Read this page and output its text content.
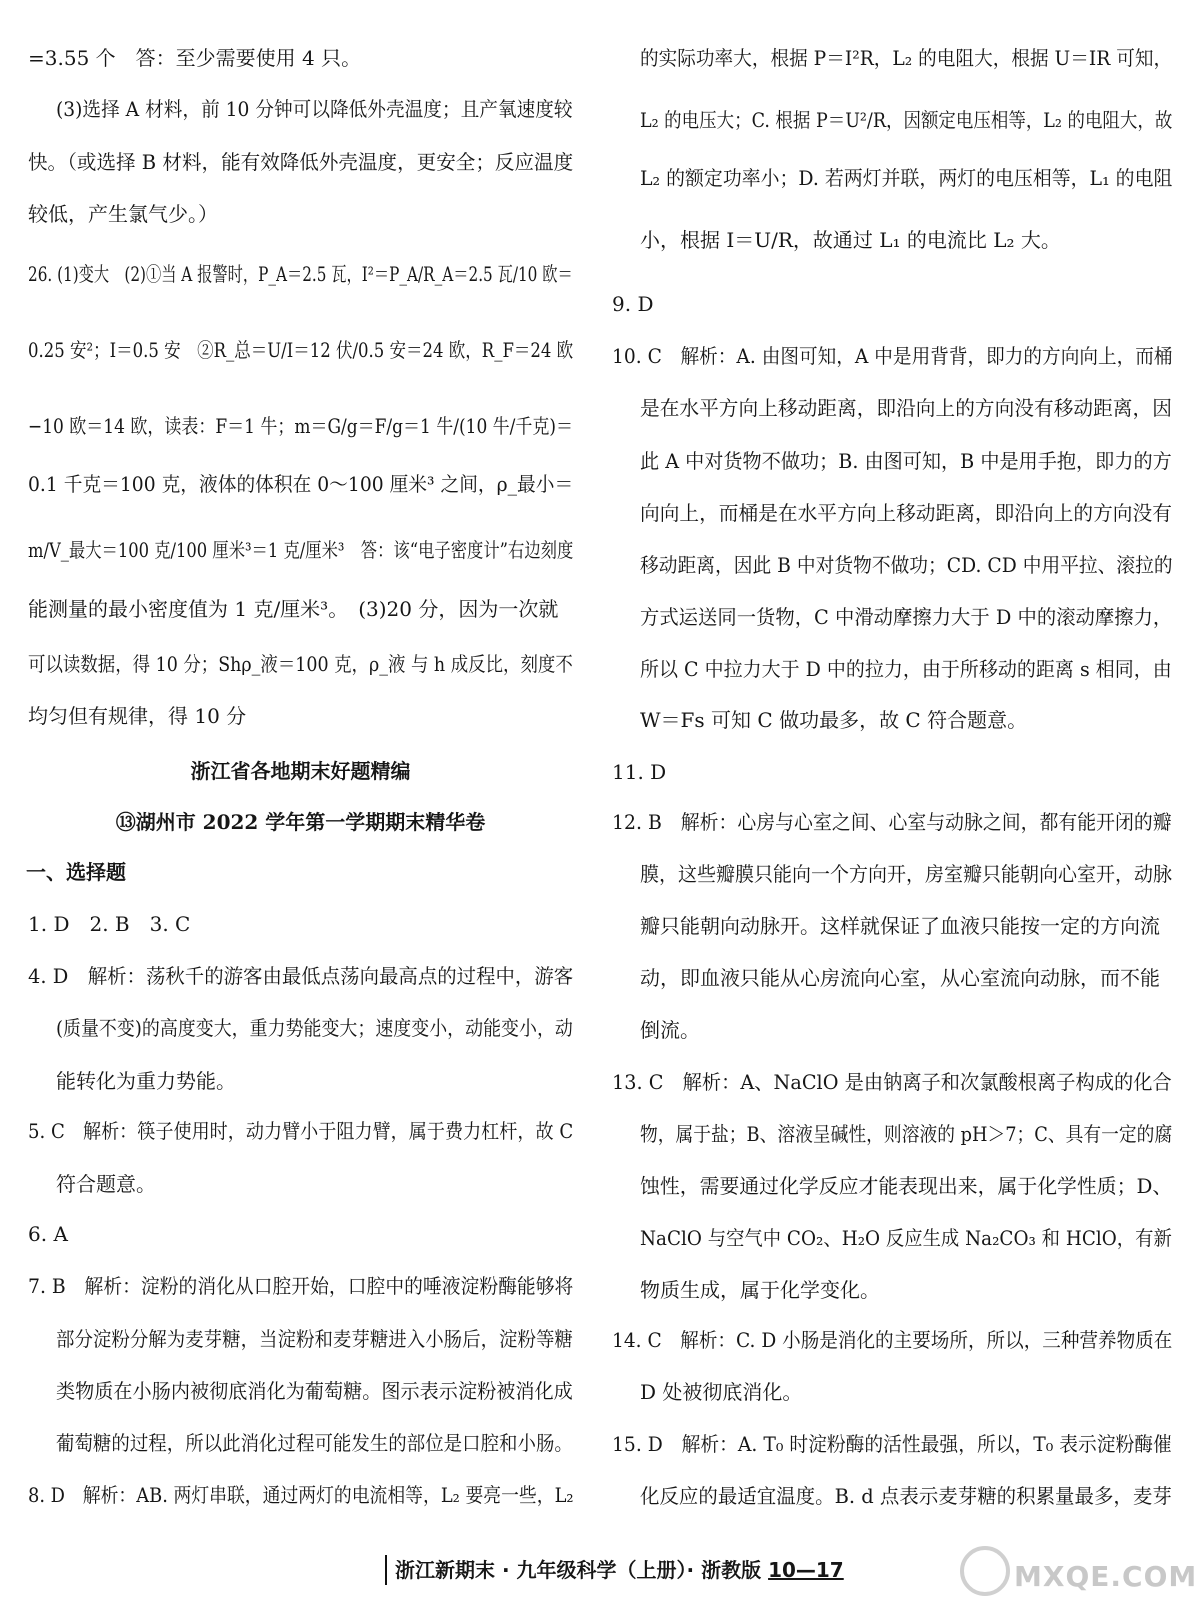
=3.55 个　答：至少需要使用 4 只。
(3)选择 A 材料，前 10 分钟可以降低外壳温度；且产氧速度较
快。（或选择 B 材料，能有效降低外壳温度，更安全；反应温度
较低，产生氯气少。）
26. (1)变大　(2)①当 A 报警时，P_A＝2.5 瓦，I²＝P_A/R_A＝2.5 瓦/10 欧＝
0.25 安²；I＝0.5 安　②R_总＝U/I＝12 伏/0.5 安＝24 欧，R_F＝24 欧
−10 欧＝14 欧，读表：F＝1 牛；m＝G/g＝F/g＝1 牛/(10 牛/千克)＝
0.1 千克＝100 克，液体的体积在 0～100 厘米³ 之间，ρ_最小＝
m/V_最大＝100 克/100 厘米³＝1 克/厘米³　答：该“电子密度计”右边刻度
能测量的最小密度值为 1 克/厘米³。　(3)20 分，因为一次就
可以读数据，得 10 分；Shρ_液＝100 克，ρ_液 与 h 成反比，刻度不
均匀但有规律，得 10 分
浙江省各地期末好题精编
⑬湖州市 2022 学年第一学期期末精华卷
一、选择题
1. D　2. B　3. C
4. D　解析：荡秋千的游客由最低点荡向最高点的过程中，游客
(质量不变)的高度变大，重力势能变大；速度变小，动能变小，动
能转化为重力势能。
5. C　解析：筷子使用时，动力臂小于阻力臂，属于费力杠杆，故 C
符合题意。
6. A
7. B　解析：淀粉的消化从口腔开始，口腔中的唾液淀粉酶能够将
部分淀粉分解为麦芽糖，当淀粉和麦芽糖进入小肠后，淀粉等糖
类物质在小肠内被彻底消化为葡萄糖。图示表示淀粉被消化成
葡萄糖的过程，所以此消化过程可能发生的部位是口腔和小肠。
8. D　解析：AB. 两灯串联，通过两灯的电流相等，L₂ 要亮一些，L₂
的实际功率大，根据 P＝I²R，L₂ 的电阻大，根据 U＝IR 可知，
L₂ 的电压大；C. 根据 P＝U²/R，因额定电压相等，L₂ 的电阻大，故
L₂ 的额定功率小；D. 若两灯并联，两灯的电压相等，L₁ 的电阻
小，根据 I＝U/R，故通过 L₁ 的电流比 L₂ 大。
9. D
10. C　解析：A. 由图可知，A 中是用背背，即力的方向向上，而桶
是在水平方向上移动距离，即沿向上的方向没有移动距离，因
此 A 中对货物不做功；B. 由图可知，B 中是用手抱，即力的方
向向上，而桶是在水平方向上移动距离，即沿向上的方向没有
移动距离，因此 B 中对货物不做功；CD. CD 中用平拉、滚拉的
方式运送同一货物，C 中滑动摩擦力大于 D 中的滚动摩擦力，
所以 C 中拉力大于 D 中的拉力，由于所移动的距离 s 相同，由
W＝Fs 可知 C 做功最多，故 C 符合题意。
11. D
12. B　解析：心房与心室之间、心室与动脉之间，都有能开闭的瓣
膜，这些瓣膜只能向一个方向开，房室瓣只能朝向心室开，动脉
瓣只能朝向动脉开。这样就保证了血液只能按一定的方向流
动，即血液只能从心房流向心室，从心室流向动脉，而不能
倒流。
13. C　解析：A、NaClO 是由钠离子和次氯酸根离子构成的化合
物，属于盐；B、溶液呈碱性，则溶液的 pH＞7；C、具有一定的腐
蚀性，需要通过化学反应才能表现出来，属于化学性质；D、
NaClO 与空气中 CO₂、H₂O 反应生成 Na₂CO₃ 和 HClO，有新
物质生成，属于化学变化。
14. C　解析：C. D 小肠是消化的主要场所，所以，三种营养物质在
D 处被彻底消化。
15. D　解析：A. T₀ 时淀粉酶的活性最强，所以，T₀ 表示淀粉酶催
化反应的最适宜温度。B. d 点表示麦芽糖的积累量最多，麦芽
浙江新期末 · 九年级科学（上册）· 浙教版 10—17	MXQE.COM
